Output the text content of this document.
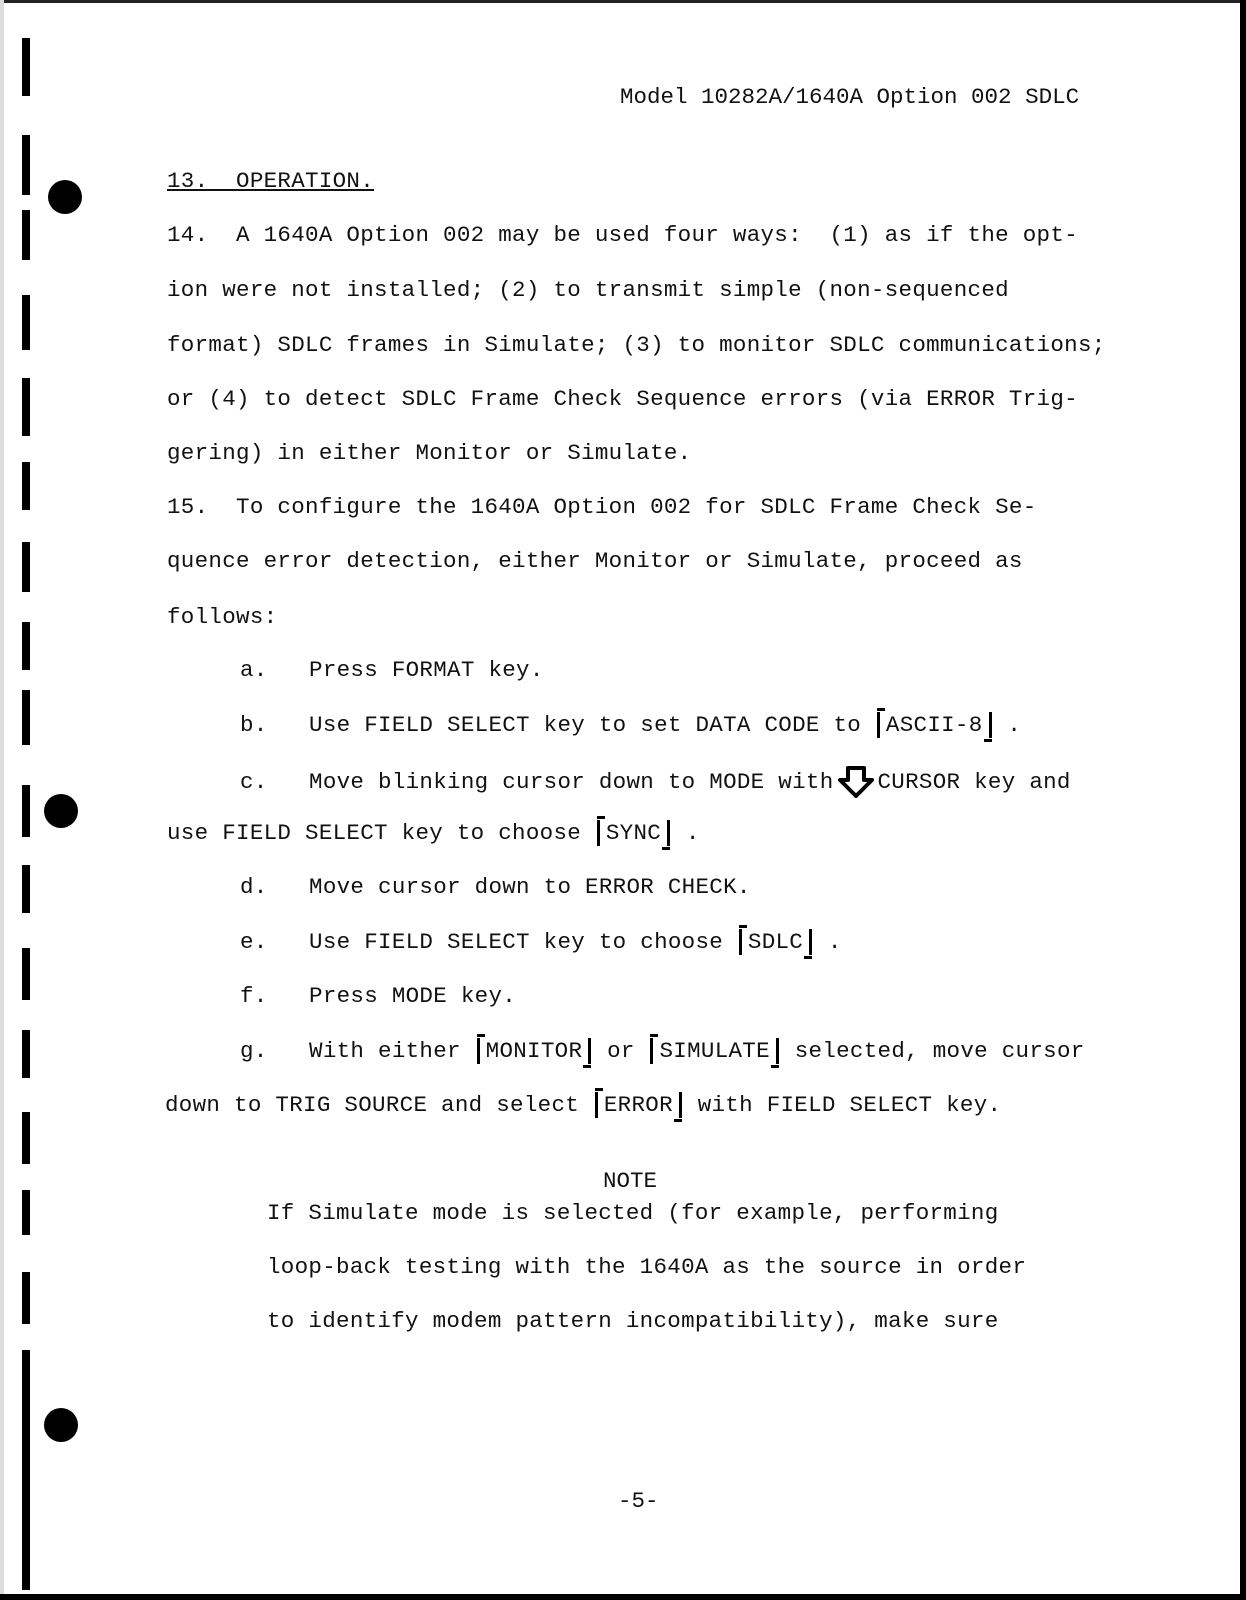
Model 10282A/1640A Option 002 SDLC
13.  OPERATION.
14.  A 1640A Option 002 may be used four ways:  (1) as if the opt-
ion were not installed; (2) to transmit simple (non-sequenced
format) SDLC frames in Simulate; (3) to monitor SDLC communications;
or (4) to detect SDLC Frame Check Sequence errors (via ERROR Trig-
gering) in either Monitor or Simulate.
15.  To configure the 1640A Option 002 for SDLC Frame Check Se-
quence error detection, either Monitor or Simulate, proceed as
follows:
a.   Press FORMAT key.
b.   Use FIELD SELECT key to set DATA CODE to ASCII-8 .
c.   Move blinking cursor down to MODE with CURSOR key and
use FIELD SELECT key to choose SYNC .
d.   Move cursor down to ERROR CHECK.
e.   Use FIELD SELECT key to choose SDLC .
f.   Press MODE key.
g.   With either MONITOR or SIMULATE selected, move cursor
down to TRIG SOURCE and select ERROR with FIELD SELECT key.
NOTE
If Simulate mode is selected (for example, performing
loop-back testing with the 1640A as the source in order
to identify modem pattern incompatibility), make sure
-5-
